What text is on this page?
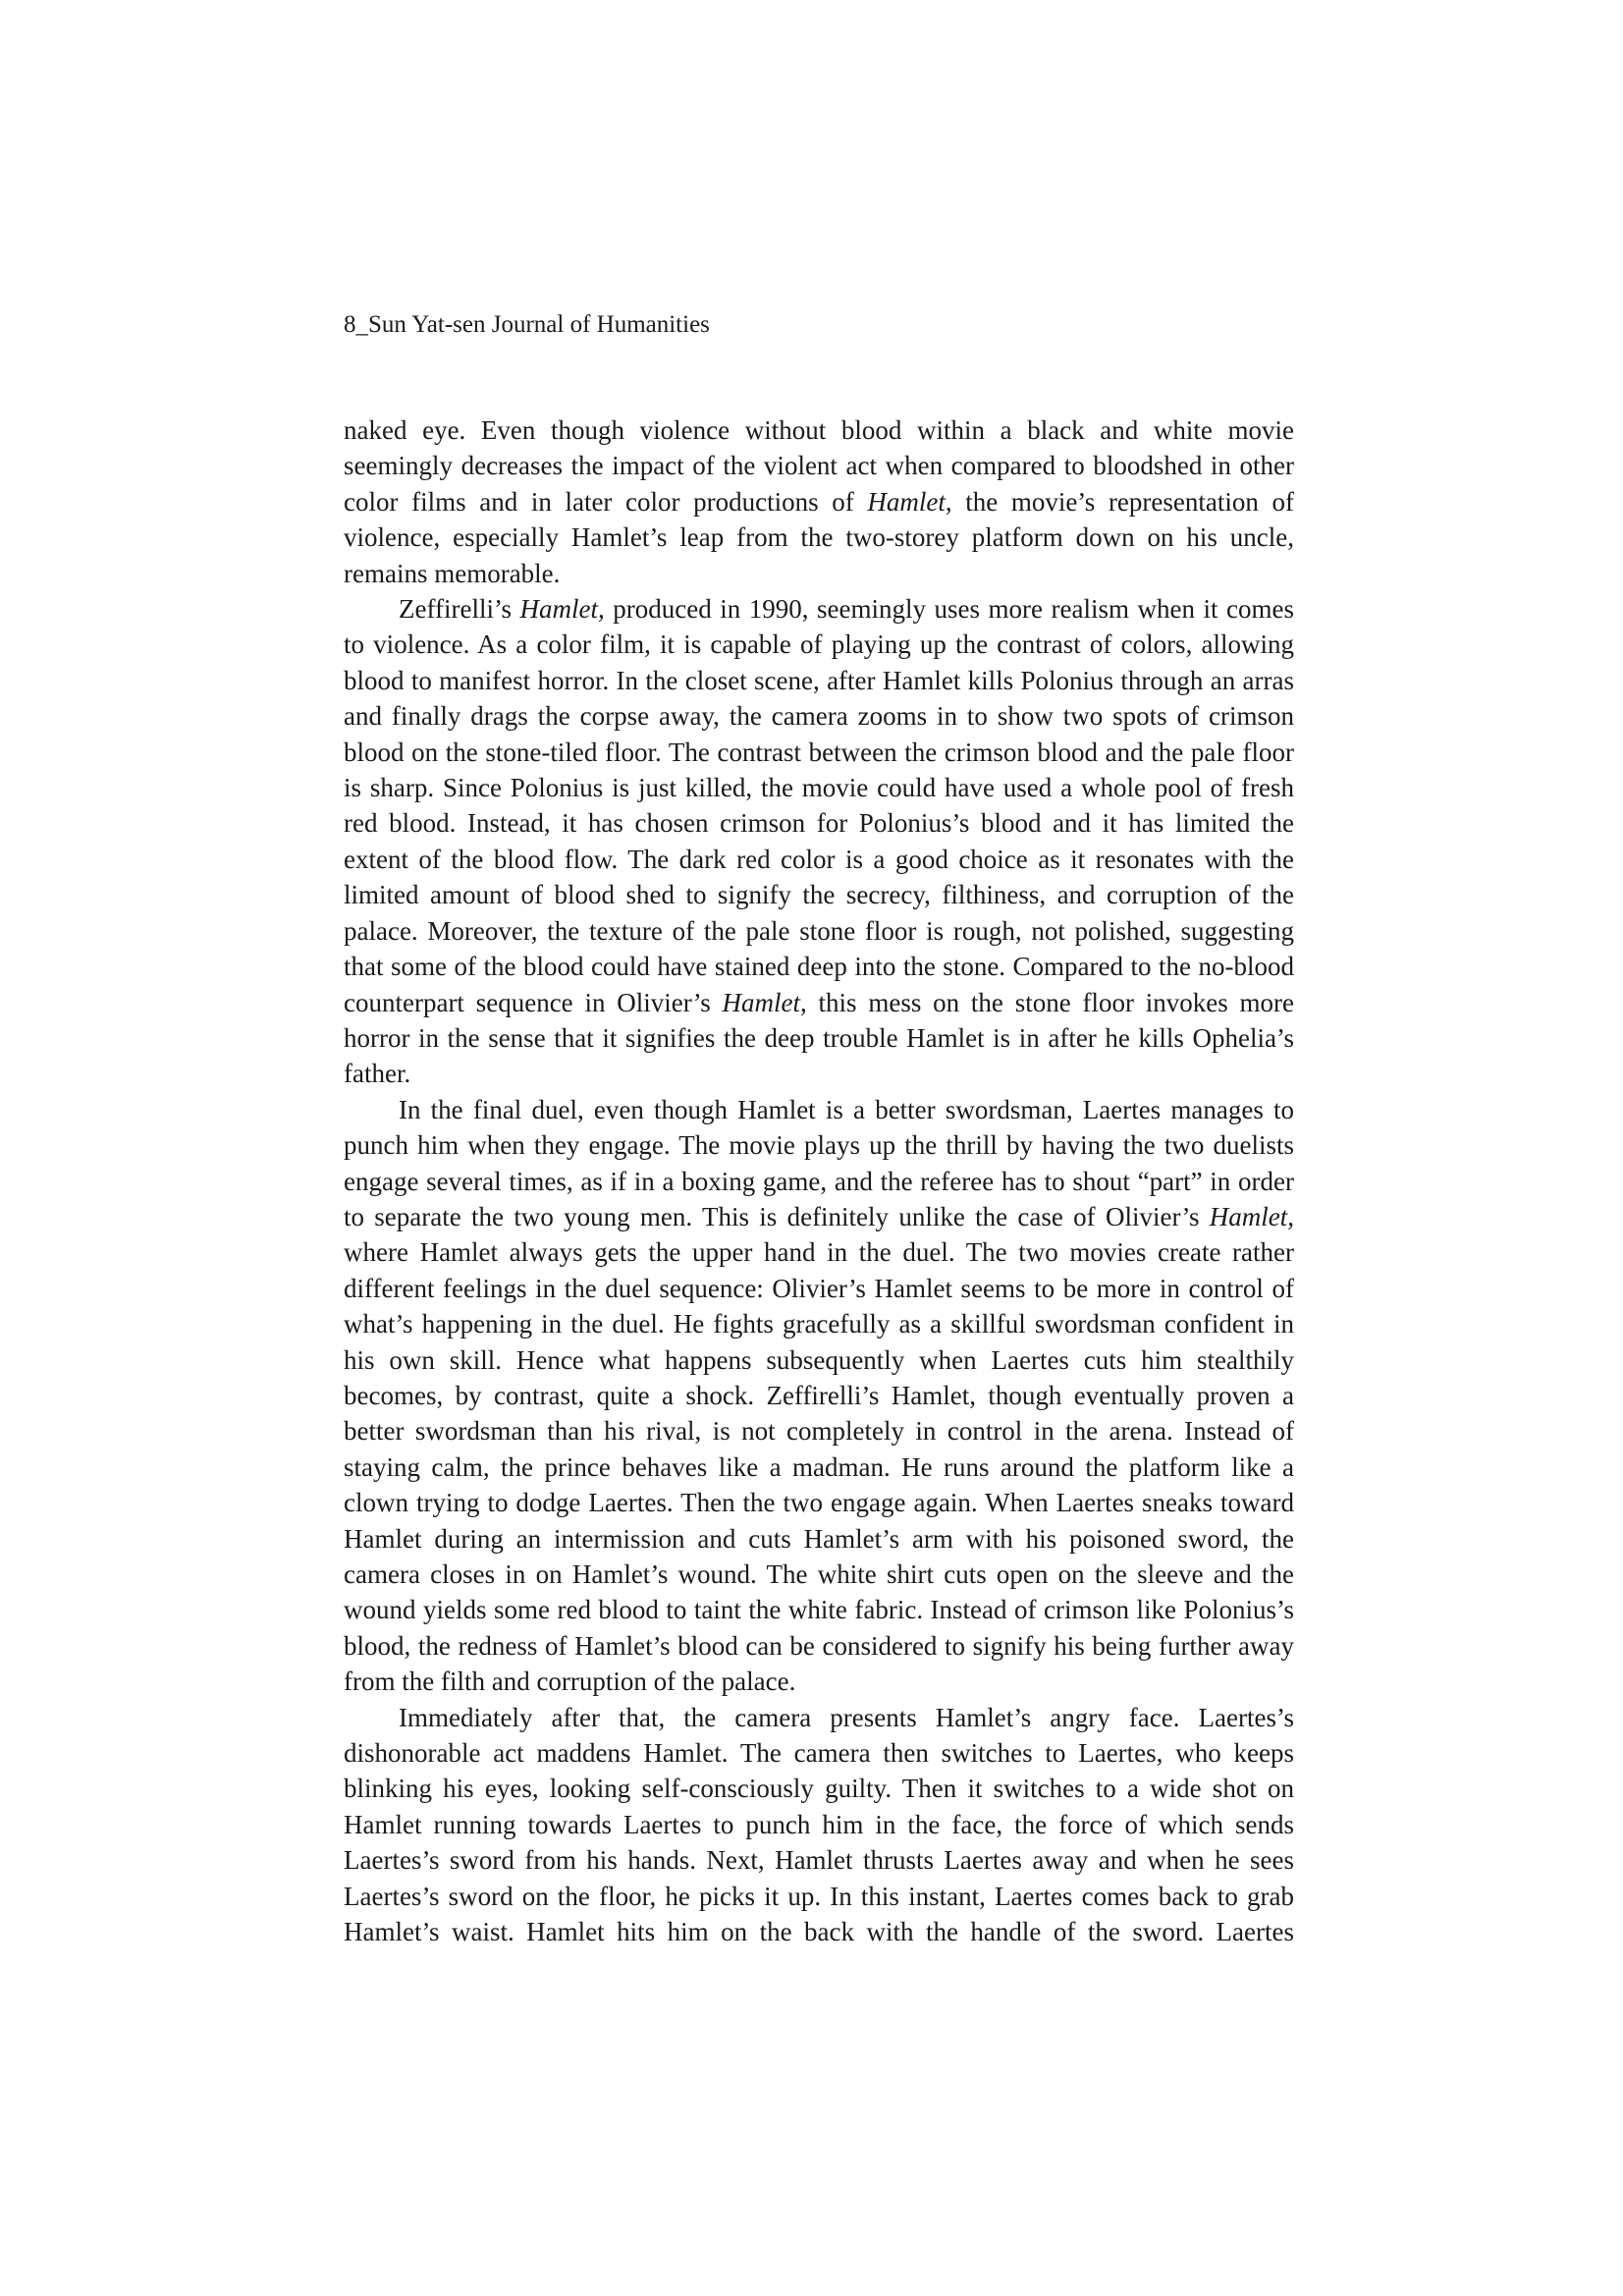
8_Sun Yat-sen Journal of Humanities

naked eye. Even though violence without blood within a black and white movie seemingly decreases the impact of the violent act when compared to bloodshed in other color films and in later color productions of Hamlet, the movie’s representation of violence, especially Hamlet’s leap from the two-storey platform down on his uncle, remains memorable.

Zeffirelli’s Hamlet, produced in 1990, seemingly uses more realism when it comes to violence. As a color film, it is capable of playing up the contrast of colors, allowing blood to manifest horror. In the closet scene, after Hamlet kills Polonius through an arras and finally drags the corpse away, the camera zooms in to show two spots of crimson blood on the stone-tiled floor. The contrast between the crimson blood and the pale floor is sharp. Since Polonius is just killed, the movie could have used a whole pool of fresh red blood. Instead, it has chosen crimson for Polonius’s blood and it has limited the extent of the blood flow. The dark red color is a good choice as it resonates with the limited amount of blood shed to signify the secrecy, filthiness, and corruption of the palace. Moreover, the texture of the pale stone floor is rough, not polished, suggesting that some of the blood could have stained deep into the stone. Compared to the no-blood counterpart sequence in Olivier’s Hamlet, this mess on the stone floor invokes more horror in the sense that it signifies the deep trouble Hamlet is in after he kills Ophelia’s father.

In the final duel, even though Hamlet is a better swordsman, Laertes manages to punch him when they engage. The movie plays up the thrill by having the two duelists engage several times, as if in a boxing game, and the referee has to shout “part” in order to separate the two young men. This is definitely unlike the case of Olivier’s Hamlet, where Hamlet always gets the upper hand in the duel. The two movies create rather different feelings in the duel sequence: Olivier’s Hamlet seems to be more in control of what’s happening in the duel. He fights gracefully as a skillful swordsman confident in his own skill. Hence what happens subsequently when Laertes cuts him stealthily becomes, by contrast, quite a shock. Zeffirelli’s Hamlet, though eventually proven a better swordsman than his rival, is not completely in control in the arena. Instead of staying calm, the prince behaves like a madman. He runs around the platform like a clown trying to dodge Laertes. Then the two engage again. When Laertes sneaks toward Hamlet during an intermission and cuts Hamlet’s arm with his poisoned sword, the camera closes in on Hamlet’s wound. The white shirt cuts open on the sleeve and the wound yields some red blood to taint the white fabric. Instead of crimson like Polonius’s blood, the redness of Hamlet’s blood can be considered to signify his being further away from the filth and corruption of the palace.

Immediately after that, the camera presents Hamlet’s angry face. Laertes’s dishonorable act maddens Hamlet. The camera then switches to Laertes, who keeps blinking his eyes, looking self-consciously guilty. Then it switches to a wide shot on Hamlet running towards Laertes to punch him in the face, the force of which sends Laertes’s sword from his hands. Next, Hamlet thrusts Laertes away and when he sees Laertes’s sword on the floor, he picks it up. In this instant, Laertes comes back to grab Hamlet’s waist. Hamlet hits him on the back with the handle of the sword. Laertes
